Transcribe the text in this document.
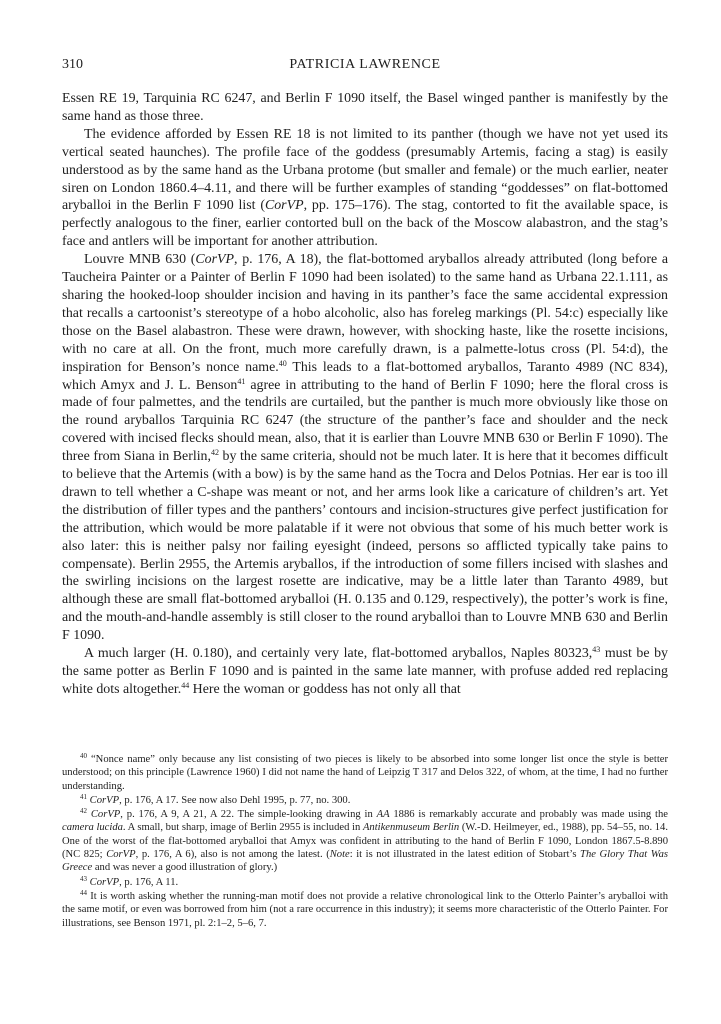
310	PATRICIA LAWRENCE

Essen RE 19, Tarquinia RC 6247, and Berlin F 1090 itself, the Basel winged panther is manifestly by the same hand as those three.

The evidence afforded by Essen RE 18 is not limited to its panther (though we have not yet used its vertical seated haunches). The profile face of the goddess (presumably Artemis, facing a stag) is easily understood as by the same hand as the Urbana protome (but smaller and female) or the much earlier, neater siren on London 1860.4–4.11, and there will be further examples of standing “goddesses” on flat-bottomed aryballoi in the Berlin F 1090 list (CorVP, pp. 175–176). The stag, contorted to fit the available space, is perfectly analogous to the finer, earlier contorted bull on the back of the Moscow alabastron, and the stag’s face and antlers will be important for another attribution.

Louvre MNB 630 (CorVP, p. 176, A 18), the flat-bottomed aryballos already attributed (long before a Taucheira Painter or a Painter of Berlin F 1090 had been isolated) to the same hand as Urbana 22.1.111, as sharing the hooked-loop shoulder incision and having in its panther’s face the same accidental expression that recalls a cartoonist’s stereotype of a hobo alcoholic, also has foreleg markings (Pl. 54:c) especially like those on the Basel alabastron. These were drawn, however, with shocking haste, like the rosette incisions, with no care at all. On the front, much more carefully drawn, is a palmette-lotus cross (Pl. 54:d), the inspiration for Benson’s nonce name.$^{40}$ This leads to a flat-bottomed aryballos, Taranto 4989 (NC 834), which Amyx and J. L. Benson$^{41}$ agree in attributing to the hand of Berlin F 1090; here the floral cross is made of four palmettes, and the tendrils are curtailed, but the panther is much more obviously like those on the round aryballos Tarquinia RC 6247 (the structure of the panther’s face and shoulder and the neck covered with incised flecks should mean, also, that it is earlier than Louvre MNB 630 or Berlin F 1090). The three from Siana in Berlin,$^{42}$ by the same criteria, should not be much later. It is here that it becomes difficult to believe that the Artemis (with a bow) is by the same hand as the Tocra and Delos Potnias. Her ear is too ill drawn to tell whether a C-shape was meant or not, and her arms look like a caricature of children’s art. Yet the distribution of filler types and the panthers’ contours and incision-structures give perfect justification for the attribution, which would be more palatable if it were not obvious that some of his much better work is also later: this is neither palsy nor failing eyesight (indeed, persons so afflicted typically take pains to compensate). Berlin 2955, the Artemis aryballos, if the introduction of some fillers incised with slashes and the swirling incisions on the largest rosette are indicative, may be a little later than Taranto 4989, but although these are small flat-bottomed aryballoi (H. 0.135 and 0.129, respectively), the potter’s work is fine, and the mouth-and-handle assembly is still closer to the round aryballoi than to Louvre MNB 630 and Berlin F 1090.

A much larger (H. 0.180), and certainly very late, flat-bottomed aryballos, Naples 80323,43 must be by the same potter as Berlin F 1090 and is painted in the same late manner, with profuse added red replacing white dots altogether.$^{44}$ Here the woman or goddess has not only all that

$^{40}$ “Nonce name” only because any list consisting of two pieces is likely to be absorbed into some longer list once the style is better understood; on this principle (Lawrence 1960) I did not name the hand of Leipzig T 317 and Delos 322, of whom, at the time, I had no further understanding.

$^{41}$ CorVP, p. 176, A 17. See now also Dehl 1995, p. 77, no. 300.

$^{42}$ CorVP, p. 176, A 9, A 21, A 22. The simple-looking drawing in AA 1886 is remarkably accurate and probably was made using the camera lucida. A small, but sharp, image of Berlin 2955 is included in Antikenmuseum Berlin (W.-D. Heilmeyer, ed., 1988), pp. 54–55, no. 14. One of the worst of the flat-bottomed aryballoi that Amyx was confident in attributing to the hand of Berlin F 1090, London 1867.5-8.890 (NC 825; CorVP, p. 176, A 6), also is not among the latest. (Note: it is not illustrated in the latest edition of Stobart’s The Glory That Was Greece and was never a good illustration of glory.)

$^{43}$ CorVP, p. 176, A 11.

$^{44}$ It is worth asking whether the running-man motif does not provide a relative chronological link to the Otterlo Painter’s aryballoi with the same motif, or even was borrowed from him (not a rare occurrence in this industry); it seems more characteristic of the Otterlo Painter. For illustrations, see Benson 1971, pl. 2:1–2, 5–6, 7.
